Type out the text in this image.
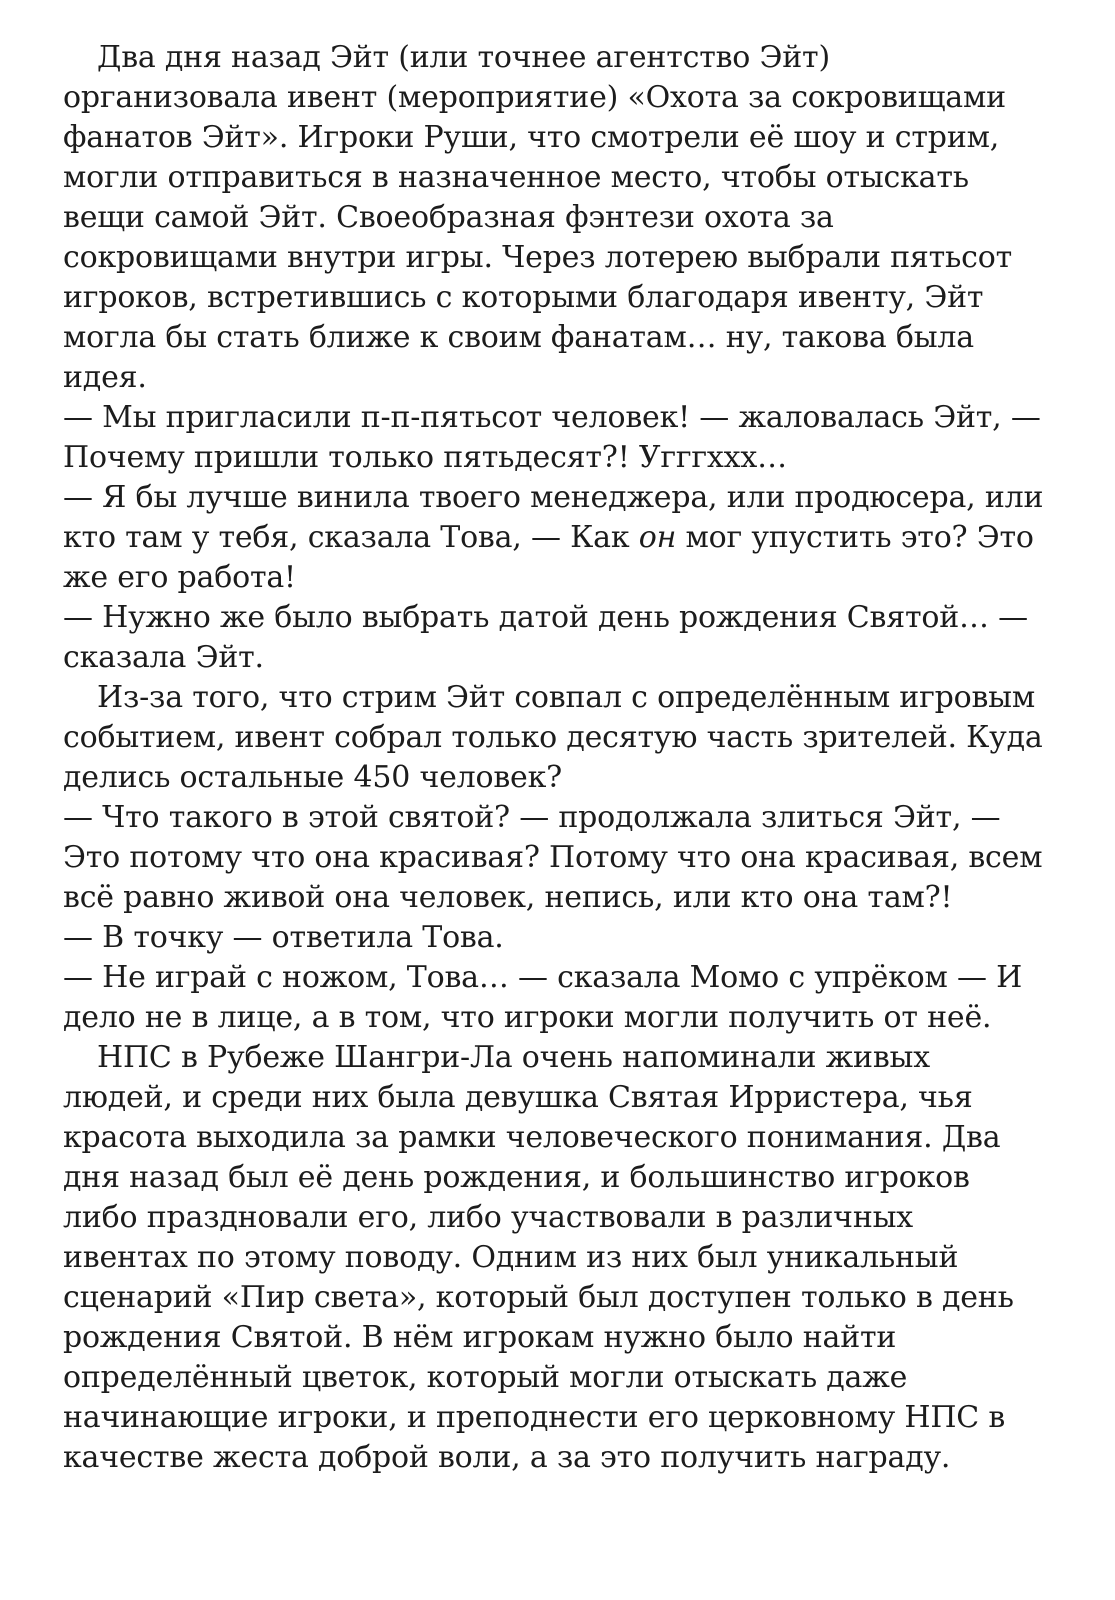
Два дня назад Эйт (или точнее агентство Эйт)
организовала ивент (мероприятие) «Охота за сокровищами
фанатов Эйт». Игроки Руши, что смотрели её шоу и стрим,
могли отправиться в назначенное место, чтобы отыскать
вещи самой Эйт. Своеобразная фэнтези охота за
сокровищами внутри игры. Через лотерею выбрали пятьсот
игроков, встретившись с которыми благодаря ивенту, Эйт
могла бы стать ближе к своим фанатам… ну, такова была
идея.
— Мы пригласили п-п-пятьсот человек! — жаловалась Эйт, —
Почему пришли только пятьдесят?! Угггххх…
— Я бы лучше винила твоего менеджера, или продюсера, или
кто там у тебя, сказала Това, — Как он мог упустить это? Это
же его работа!
— Нужно же было выбрать датой день рождения Святой… —
сказала Эйт.
Из-за того, что стрим Эйт совпал с определённым игровым
событием, ивент собрал только десятую часть зрителей. Куда
делись остальные 450 человек?
— Что такого в этой святой? — продолжала злиться Эйт, —
Это потому что она красивая? Потому что она красивая, всем
всё равно живой она человек, непись, или кто она там?!
— В точку — ответила Това.
— Не играй с ножом, Това… — сказала Момо с упрёком — И
дело не в лице, а в том, что игроки могли получить от неё.
НПС в Рубеже Шангри-Ла очень напоминали живых
людей, и среди них была девушка Святая Ирристера, чья
красота выходила за рамки человеческого понимания. Два
дня назад был её день рождения, и большинство игроков
либо праздновали его, либо участвовали в различных
ивентах по этому поводу. Одним из них был уникальный
сценарий «Пир света», который был доступен только в день
рождения Святой. В нём игрокам нужно было найти
определённый цветок, который могли отыскать даже
начинающие игроки, и преподнести его церковному НПС в
качестве жеста доброй воли, а за это получить награду.
